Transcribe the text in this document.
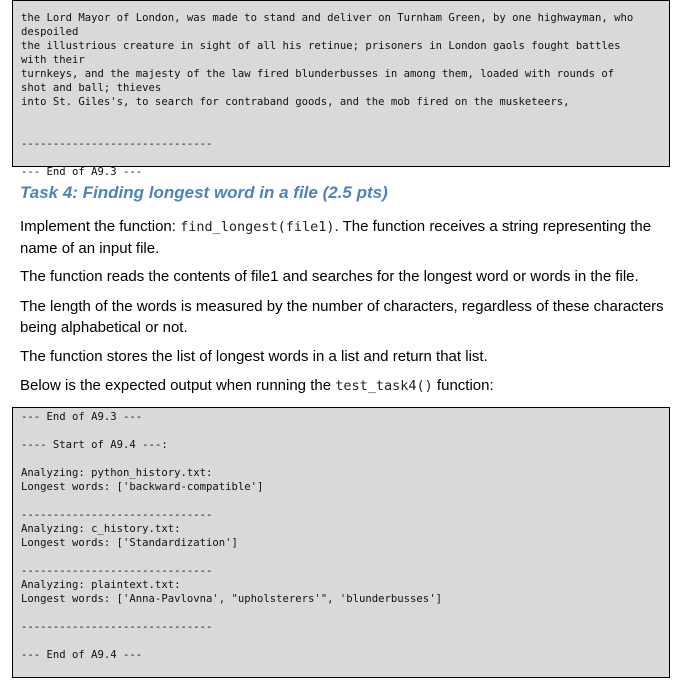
the Lord Mayor of London, was made to stand and deliver on Turnham Green, by one highwayman, who
despoiled
the illustrious creature in sight of all his retinue; prisoners in London gaols fought battles
with their
turnkeys, and the majesty of the law fired blunderbusses in among them, loaded with rounds of
shot and ball; thieves
into St. Giles's, to search for contraband goods, and the mob fired on the musketeers,
------------------------------
--- End of A9.3 ---
Task 4: Finding longest word in a file (2.5 pts)
Implement the function: find_longest(file1). The function receives a string representing the name of an input file.
The function reads the contents of file1 and searches for the longest word or words in the file.
The length of the words is measured by the number of characters, regardless of these characters being alphabetical or not.
The function stores the list of longest words in a list and return that list.
Below is the expected output when running the test_task4() function:
--- End of A9.3 ---
---- Start of A9.4 ---:
Analyzing: python_history.txt:
Longest words: ['backward-compatible']
------------------------------
Analyzing: c_history.txt:
Longest words: ['Standardization']
------------------------------
Analyzing: plaintext.txt:
Longest words: ['Anna-Pavlovna', "upholsterers'", 'blunderbusses']
------------------------------
--- End of A9.4 ---
